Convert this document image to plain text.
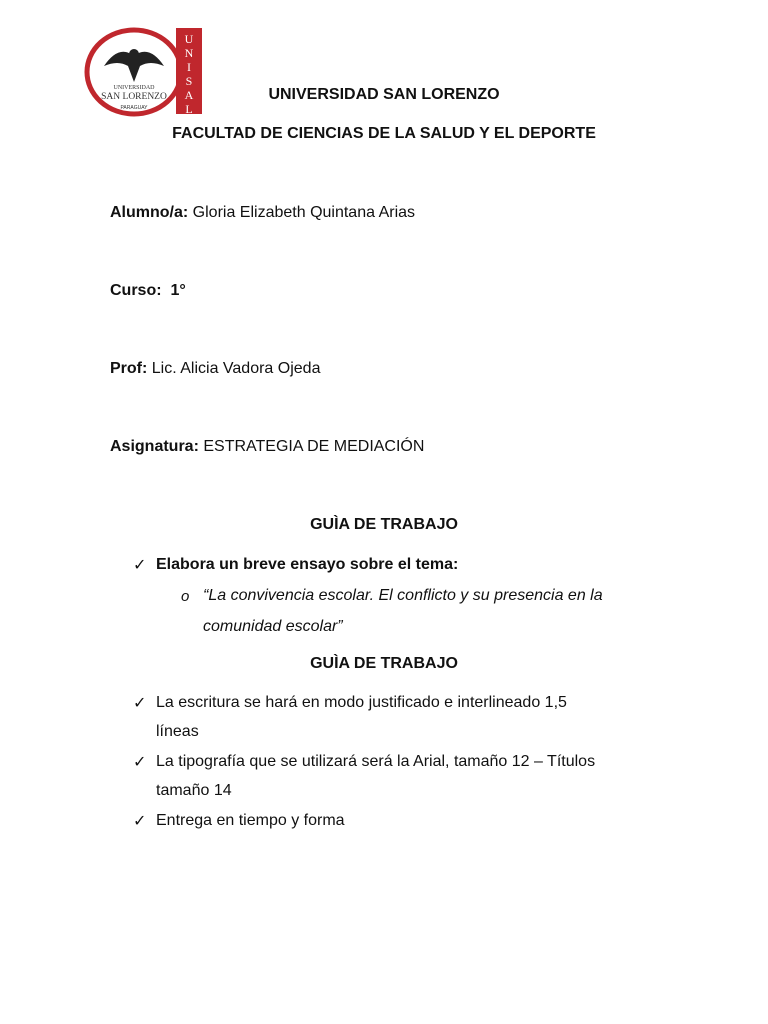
UNIVERSIDAD
SAN LORENZO
PARAGUAY
U
N
I
S
A
L
UNIVERSIDAD SAN LORENZO
FACULTAD DE CIENCIAS DE LA SALUD Y EL DEPORTE
Alumno/a: Gloria Elizabeth Quintana Arias
Curso: 1°
Prof: Lic. Alicia Vadora Ojeda
Asignatura: ESTRATEGIA DE MEDIACIÓN
GUÌA DE TRABAJO
✓ Elabora un breve ensayo sobre el tema:
o “La convivencia escolar. El conflicto y su presencia en la
comunidad escolar”
GUÌA DE TRABAJO
✓ La escritura se hará en modo justificado e interlineado 1,5
líneas
✓ La tipografía que se utilizará será la Arial, tamaño 12 – Títulos
tamaño 14
✓ Entrega en tiempo y forma
